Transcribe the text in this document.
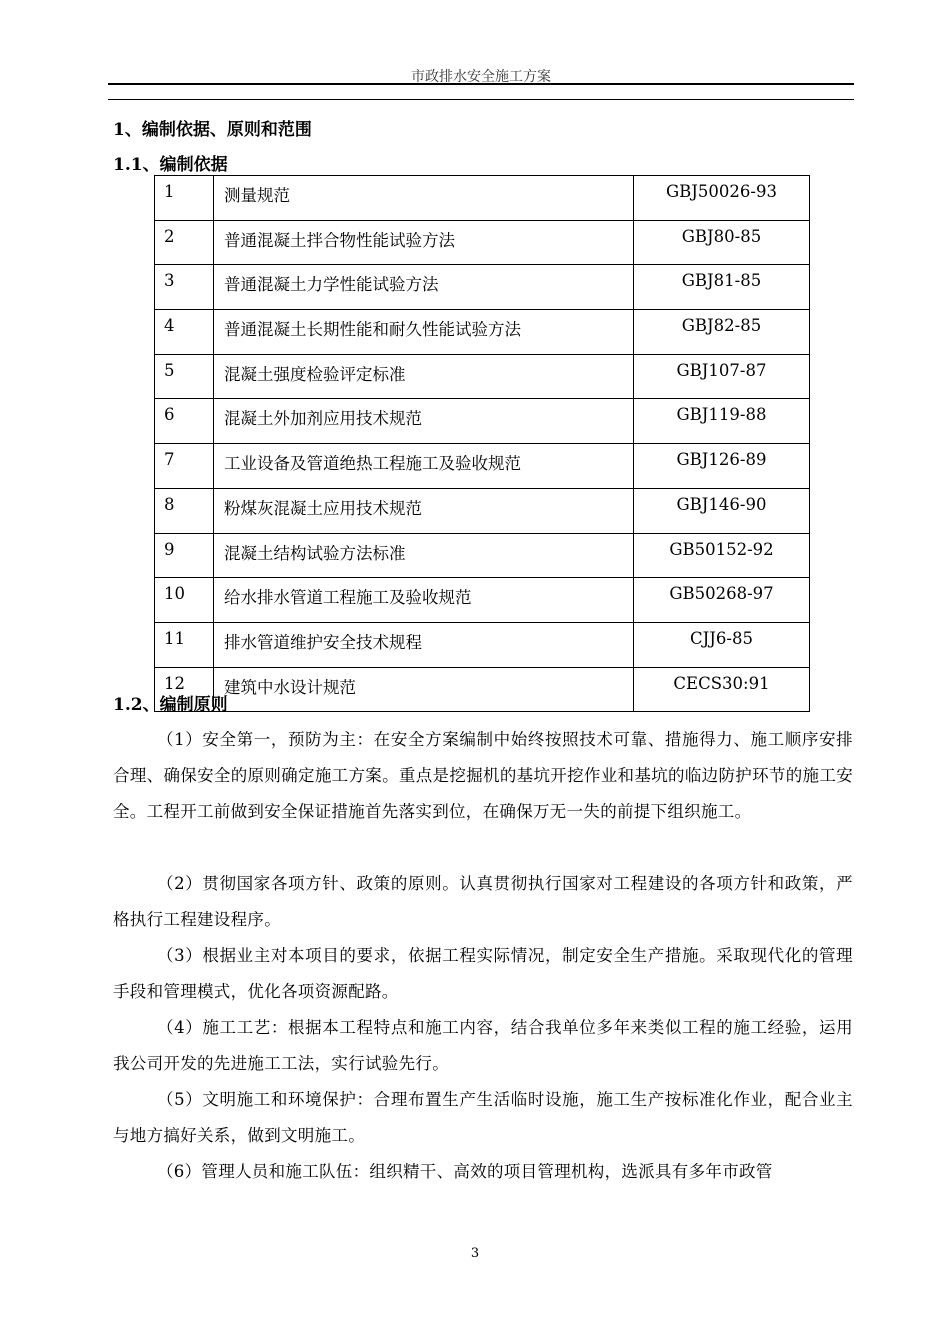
市政排水安全施工方案
1、编制依据、原则和范围
1.1、编制依据
1	测量规范	GBJ50026-93
2	普通混凝土拌合物性能试验方法	GBJ80-85
3	普通混凝土力学性能试验方法	GBJ81-85
4	普通混凝土长期性能和耐久性能试验方法	GBJ82-85
5	混凝土强度检验评定标准	GBJ107-87
6	混凝土外加剂应用技术规范	GBJ119-88
7	工业设备及管道绝热工程施工及验收规范	GBJ126-89
8	粉煤灰混凝土应用技术规范	GBJ146-90
9	混凝土结构试验方法标准	GB50152-92
10	给水排水管道工程施工及验收规范	GB50268-97
11	排水管道维护安全技术规程	CJJ6-85
12	建筑中水设计规范	CECS30:91
1.2、编制原则
（1）安全第一，预防为主：在安全方案编制中始终按照技术可靠、措施得力、施工顺序安排合理、确保安全的原则确定施工方案。重点是挖掘机的基坑开挖作业和基坑的临边防护环节的施工安全。工程开工前做到安全保证措施首先落实到位，在确保万无一失的前提下组织施工。
（2）贯彻国家各项方针、政策的原则。认真贯彻执行国家对工程建设的各项方针和政策，严格执行工程建设程序。
（3）根据业主对本项目的要求，依据工程实际情况，制定安全生产措施。采取现代化的管理手段和管理模式，优化各项资源配路。
（4）施工工艺：根据本工程特点和施工内容，结合我单位多年来类似工程的施工经验，运用我公司开发的先进施工工法，实行试验先行。
（5）文明施工和环境保护：合理布置生产生活临时设施，施工生产按标准化作业，配合业主与地方搞好关系，做到文明施工。
（6）管理人员和施工队伍：组织精干、高效的项目管理机构，选派具有多年市政管
3
